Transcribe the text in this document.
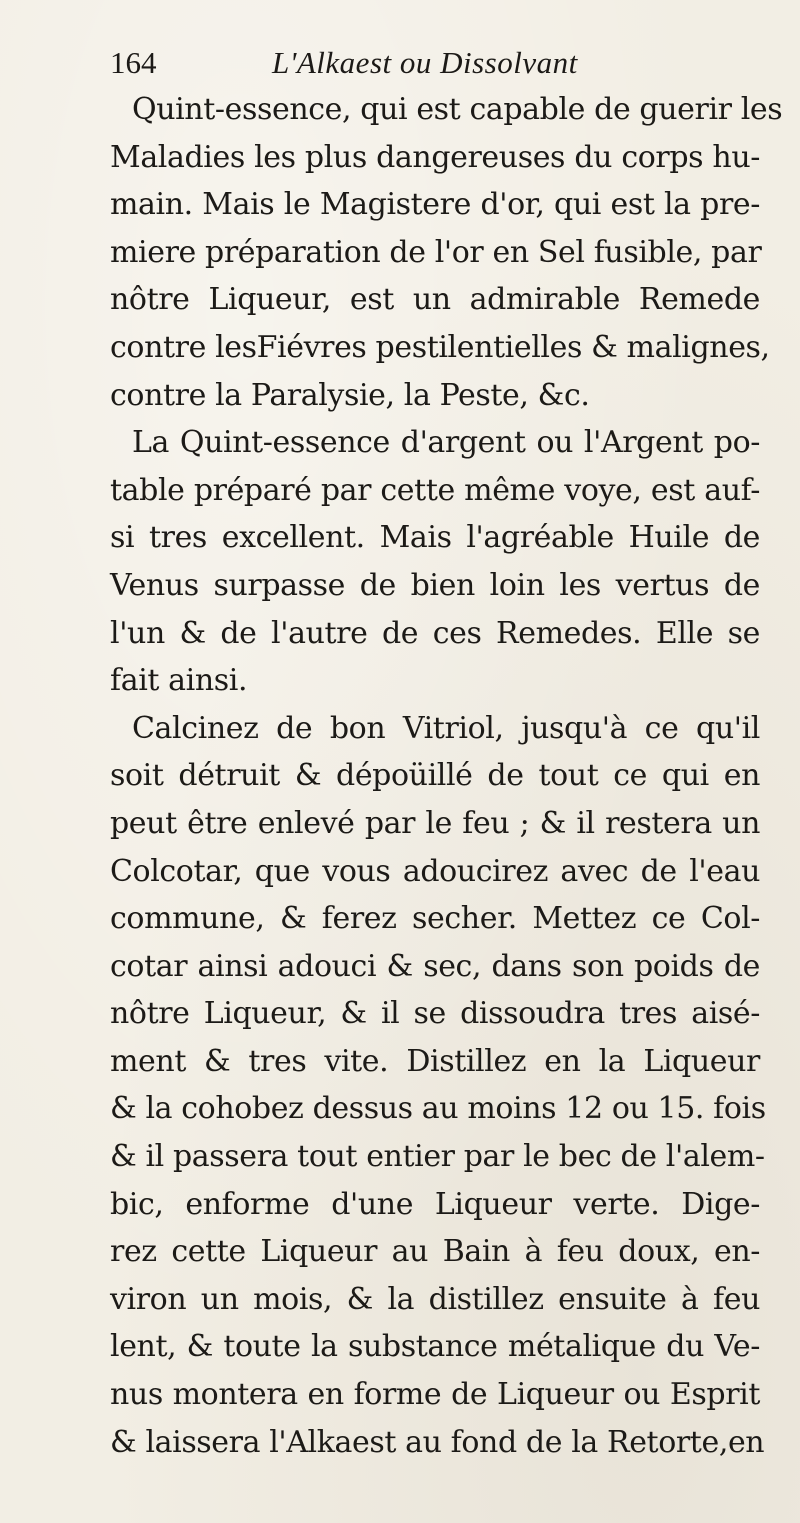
164	L'Alkaest ou Dissolvant
Quint-essence, qui est capable de guerir les
Maladies les plus dangereuses du corps hu-
main. Mais le Magistere d'or, qui est la pre-
miere préparation de l'or en Sel fusible, par
nôtre Liqueur, est un admirable Remede
contre lesFiévres pestilentielles & malignes,
contre la Paralysie, la Peste, &c.
La Quint-essence d'argent ou l'Argent po-
table préparé par cette même voye, est auf-
si tres excellent. Mais l'agréable Huile de
Venus surpasse de bien loin les vertus de
l'un & de l'autre de ces Remedes. Elle se
fait ainsi.
Calcinez de bon Vitriol, jusqu'à ce qu'il
soit détruit & dépoüillé de tout ce qui en
peut être enlevé par le feu ; & il restera un
Colcotar, que vous adoucirez avec de l'eau
commune, & ferez secher. Mettez ce Col-
cotar ainsi adouci & sec, dans son poids de
nôtre Liqueur, & il se dissoudra tres aisé-
ment & tres vite. Distillez en la Liqueur
& la cohobez dessus au moins 12 ou 15. fois
& il passera tout entier par le bec de l'alem-
bic, enforme d'une Liqueur verte. Dige-
rez cette Liqueur au Bain à feu doux, en-
viron un mois, & la distillez ensuite à feu
lent, & toute la substance métalique du Ve-
nus montera en forme de Liqueur ou Esprit
& laissera l'Alkaest au fond de la Retorte,en
